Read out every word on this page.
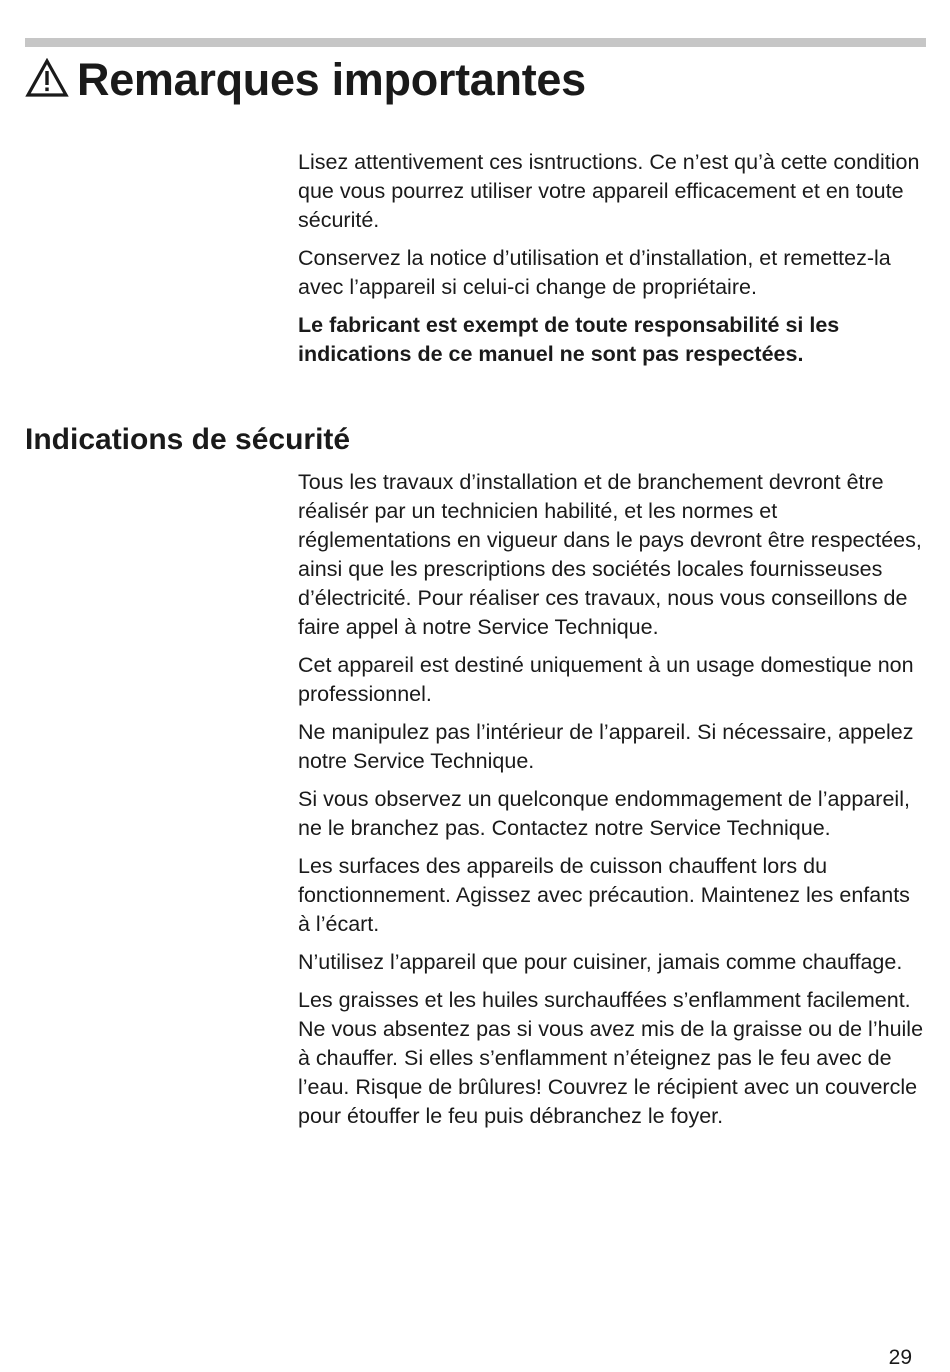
Remarques importantes

Lisez attentivement ces isntructions. Ce n’est qu’à cette condition que vous pourrez utiliser votre appareil efficacement et en toute sécurité.

Conservez la notice d’utilisation et d’installation, et remettez-la avec l’appareil si celui-ci change de propriétaire.

Le fabricant est exempt de toute responsabilité si les indications de ce manuel ne sont pas respectées.

Indications de sécurité

Tous les travaux d’installation et de branchement devront être réalisér par un technicien habilité, et les normes et réglementations en vigueur dans le pays devront être respectées, ainsi que les prescriptions des sociétés locales fournisseuses d’électricité. Pour réaliser ces travaux, nous vous conseillons de faire appel à notre Service Technique.

Cet appareil est destiné uniquement à un usage domestique non professionnel.

Ne manipulez pas l’intérieur de l’appareil. Si nécessaire, appelez notre Service Technique.

Si vous observez un quelconque endommagement de l’appareil, ne le branchez pas. Contactez notre Service Technique.

Les surfaces des appareils de cuisson chauffent lors du fonctionnement. Agissez avec précaution. Maintenez les enfants à l’écart.

N’utilisez l’appareil que pour cuisiner, jamais comme chauffage.

Les graisses et les huiles surchauffées s’enflamment facilement. Ne vous absentez pas si vous avez mis de la graisse ou de l’huile à chauffer. Si elles s’enflamment n’éteignez pas le feu avec de l’eau. Risque de brûlures! Couvrez le récipient avec un couvercle pour étouffer le feu puis débranchez le foyer.

29
